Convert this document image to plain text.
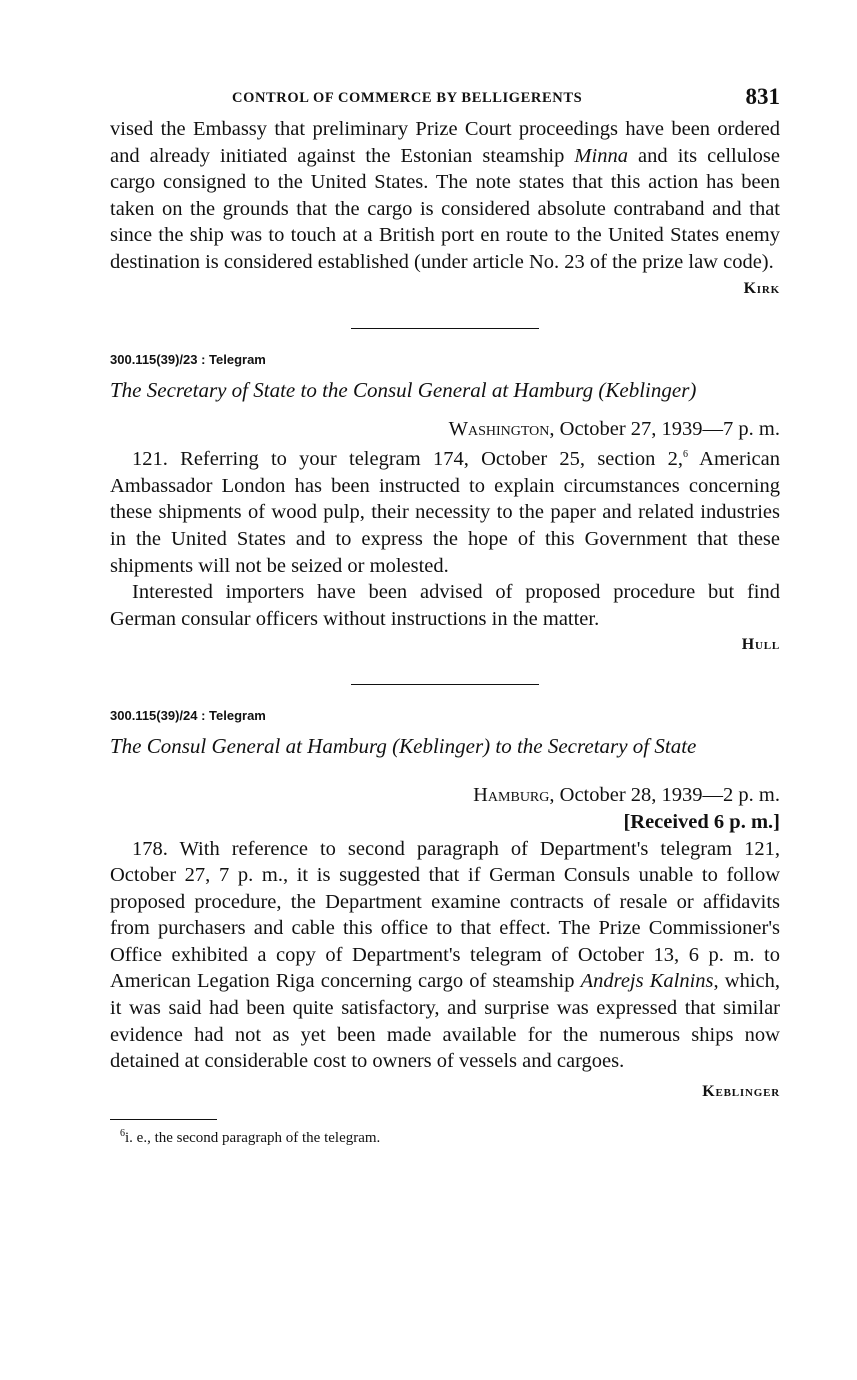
CONTROL OF COMMERCE BY BELLIGERENTS	831

vised the Embassy that preliminary Prize Court proceedings have been ordered and already initiated against the Estonian steamship Minna and its cellulose cargo consigned to the United States. The note states that this action has been taken on the grounds that the cargo is considered absolute contraband and that since the ship was to touch at a British port en route to the United States enemy destination is considered established (under article No. 23 of the prize law code).

Kirk
300.115(39)/23 : Telegram
The Secretary of State to the Consul General at Hamburg (Keblinger)
Washington, October 27, 1939—7 p. m.

121. Referring to your telegram 174, October 25, section 2,$^6$ American Ambassador London has been instructed to explain circumstances concerning these shipments of wood pulp, their necessity to the paper and related industries in the United States and to express the hope of this Government that these shipments will not be seized or molested.

Interested importers have been advised of proposed procedure but find German consular officers without instructions in the matter.

Hull
300.115(39)/24 : Telegram
The Consul General at Hamburg (Keblinger) to the Secretary of State
Hamburg, October 28, 1939—2 p. m.
[Received 6 p. m.]

178. With reference to second paragraph of Department's telegram 121, October 27, 7 p. m., it is suggested that if German Consuls unable to follow proposed procedure, the Department examine contracts of resale or affidavits from purchasers and cable this office to that effect. The Prize Commissioner's Office exhibited a copy of Department's telegram of October 13, 6 p. m. to American Legation Riga concerning cargo of steamship Andrejs Kalnins, which, it was said had been quite satisfactory, and surprise was expressed that similar evidence had not as yet been made available for the numerous ships now detained at considerable cost to owners of vessels and cargoes.

Keblinger
$^6$i. e., the second paragraph of the telegram.
